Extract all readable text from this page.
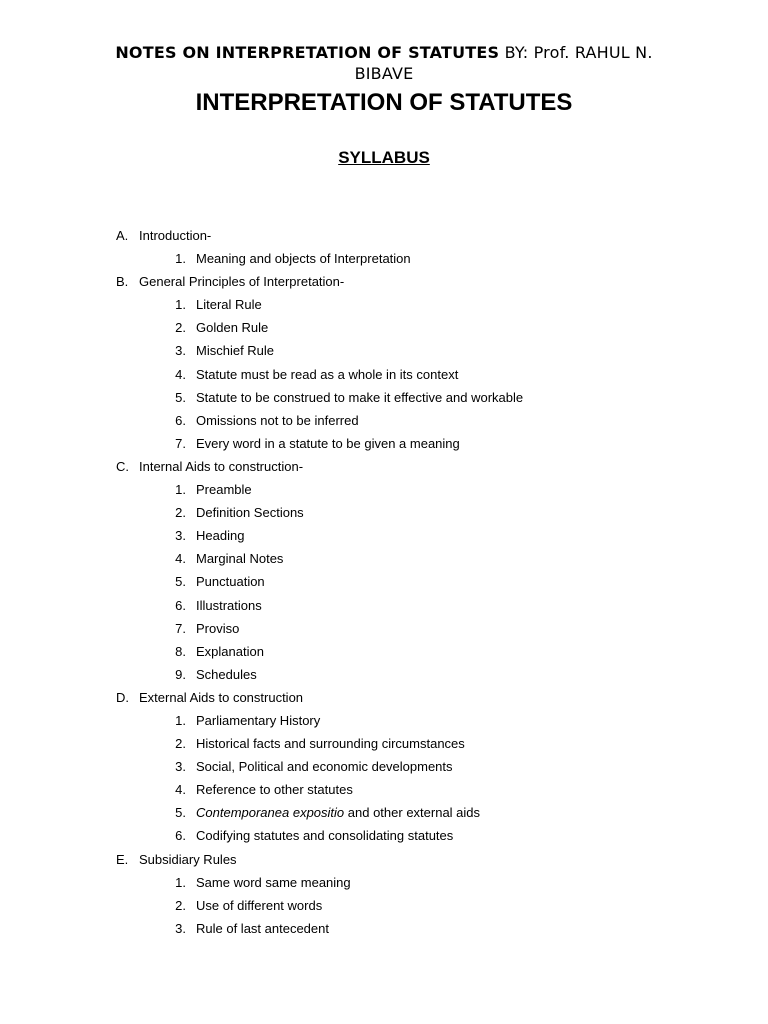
NOTES ON INTERPRETATION OF STATUTES BY: Prof. RAHUL N. BIBAVE
INTERPRETATION OF STATUTES
SYLLABUS
A. Introduction-
1. Meaning and objects of Interpretation
B. General Principles of Interpretation-
1. Literal Rule
2. Golden Rule
3. Mischief Rule
4. Statute must be read as a whole in its context
5. Statute to be construed to make it effective and workable
6. Omissions not to be inferred
7. Every word in a statute to be given a meaning
C. Internal Aids to construction-
1. Preamble
2. Definition Sections
3. Heading
4. Marginal Notes
5. Punctuation
6. Illustrations
7. Proviso
8. Explanation
9. Schedules
D. External Aids to construction
1. Parliamentary History
2. Historical facts and surrounding circumstances
3. Social, Political and economic developments
4. Reference to other statutes
5. Contemporanea expositio and other external aids
6. Codifying statutes and consolidating statutes
E. Subsidiary Rules
1. Same word same meaning
2. Use of different words
3. Rule of last antecedent
